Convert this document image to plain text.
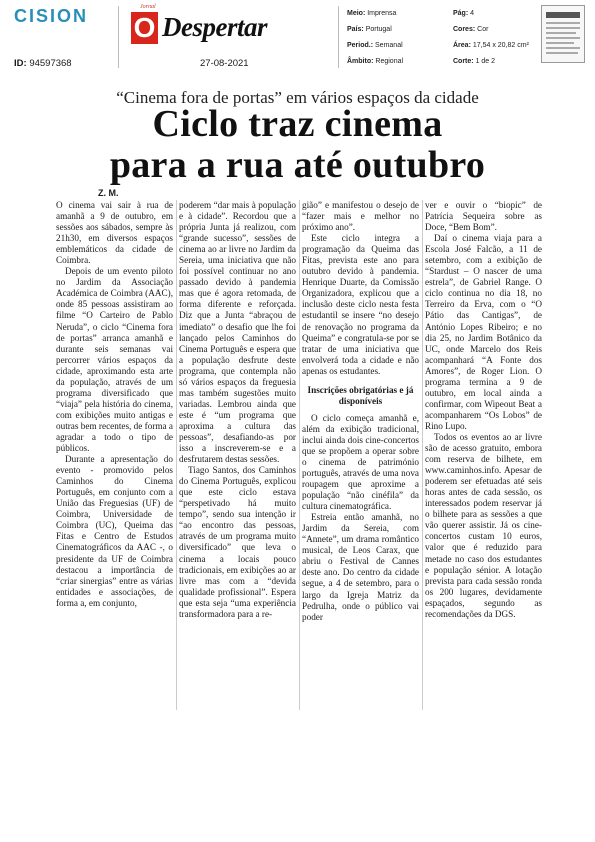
CISION
ID: 94597368
Jornal
O Despertar
27-08-2021
Meio: Imprensa
País: Portugal
Period.: Semanal
Âmbito: Regional
Pág: 4
Cores: Cor
Área: 17,54 x 20,82 cm²
Corte: 1 de 2
“Cinema fora de portas” em vários espaços da cidade
Ciclo traz cinema
para a rua até outubro
Z. M.

O cinema vai sair à rua de amanhã a 9 de outubro, em sessões aos sábados, sempre às 21h30, em diversos espaços emblemáticos da cidade de Coimbra.

Depois de um evento piloto no Jardim da Associação Académica de Coimbra (AAC), onde 85 pessoas assistiram ao filme “O Carteiro de Pablo Neruda”, o ciclo “Cinema fora de portas” arranca amanhã e durante seis semanas vai percorrer vários espaços da cidade, aproximando esta arte da população, através de um programa diversificado que “viaja” pela história do cinema, com exibições muito antigas e outras bem recentes, de forma a agradar a todo o tipo de públicos.

Durante a apresentação do evento - promovido pelos Caminhos do Cinema Português, em conjunto com a União das Freguesias (UF) de Coimbra, Universidade de Coimbra (UC), Queima das Fitas e Centro de Estudos Cinematográficos da AAC -, o presidente da UF de Coimbra destacou a importância de “criar sinergias” entre as várias entidades e associações, de forma a, em conjunto,

poderem “dar mais à população e à cidade”. Recordou que a própria Junta já realizou, com “grande sucesso”, sessões de cinema ao ar livre no Jardim da Sereia, uma iniciativa que não foi possível continuar no ano passado devido à pandemia mas que é agora retomada, de forma diferente e reforçada. Diz que a Junta “abraçou de imediato” o desafio que lhe foi lançado pelos Caminhos do Cinema Português e espera que a população desfrute deste programa, que contempla não só vários espaços da freguesia mas também sugestões muito variadas. Lembrou ainda que este é “um programa que aproxima a cultura das pessoas”, desafiando-as por isso a inscreverem-se e a desfrutarem destas sessões.

Tiago Santos, dos Caminhos do Cinema Português, explicou que este ciclo estava “perspetivado há muito tempo”, sendo sua intenção ir “ao encontro das pessoas, através de um programa muito diversificado” que leva o cinema a locais pouco tradicionais, em exibições ao ar livre mas com a “devida qualidade profissional”. Espera que esta seja “uma experiência transformadora para a re-

gião” e manifestou o desejo de “fazer mais e melhor no próximo ano”.

Este ciclo integra a programação da Queima das Fitas, prevista este ano para outubro devido à pandemia. Henrique Duarte, da Comissão Organizadora, explicou que a inclusão deste ciclo nesta festa estudantil se insere “no desejo de renovação no programa da Queima” e congratula-se por se tratar de uma iniciativa que envolverá toda a cidade e não apenas os estudantes.

Inscrições obrigatórias e já disponíveis

O ciclo começa amanhã e, além da exibição tradicional, inclui ainda dois cine-concertos que se propõem a operar sobre o cinema de património português, através de uma nova roupagem que aproxime a população “não cinéfila” da cultura cinematográfica.

Estreia então amanhã, no Jardim da Sereia, com “Annete”, um drama romântico musical, de Leos Carax, que abriu o Festival de Cannes deste ano. Do centro da cidade segue, a 4 de setembro, para o largo da Igreja Matriz da Pedrulha, onde o público vai poder

ver e ouvir o “biopic” de Patrícia Sequeira sobre as Doce, “Bem Bom”.

Daí o cinema viaja para a Escola José Falcão, a 11 de setembro, com a exibição de “Stardust – O nascer de uma estrela”, de Gabriel Range. O ciclo continua no dia 18, no Terreiro da Erva, com o “O Pátio das Cantigas”, de António Lopes Ribeiro; e no dia 25, no Jardim Botânico da UC, onde Marcelo dos Reis acompanhará “A Fonte dos Amores”, de Roger Lion. O programa termina a 9 de outubro, em local ainda a confirmar, com Wipeout Beat a acompanharem “Os Lobos” de Rino Lupo.

Todos os eventos ao ar livre são de acesso gratuito, embora com reserva de bilhete, em www.caminhos.info. Apesar de poderem ser efetuadas até seis horas antes de cada sessão, os interessados podem reservar já o bilhete para as sessões a que vão querer assistir. Já os cine-concertos custam 10 euros, valor que é reduzido para metade no caso dos estudantes e população sénior. A lotação prevista para cada sessão ronda os 200 lugares, devidamente espaçados, segundo as recomendações da DGS.
